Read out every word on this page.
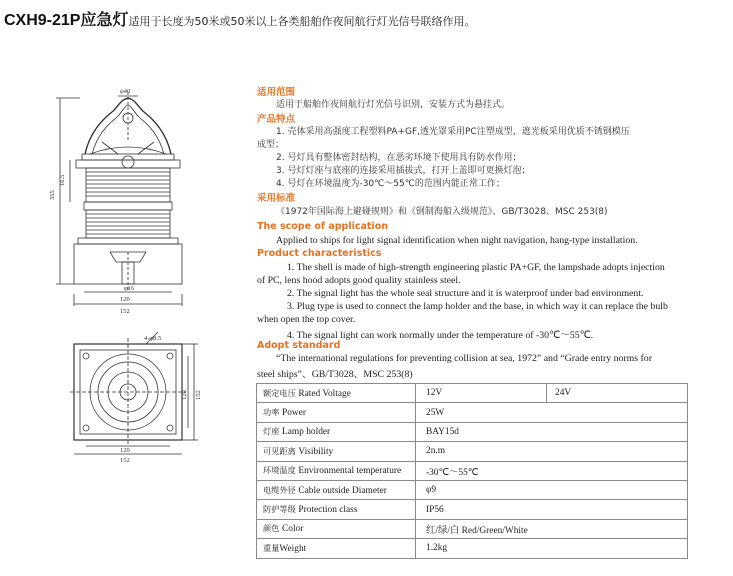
CXH9-21P应急灯适用于长度为50米或50米以上各类船舶作夜间航行灯光信号联络作用。
φ40
16.5
355
φ16
120
152
4-φ8.5
120 152
120
152
适用范围
适用于船舶作夜间航行灯光信号识别，安装方式为悬挂式。
产品特点
1. 壳体采用高强度工程塑料PA+GF,透光罩采用PC注塑成型，遮光板采用优质不锈钢模压
成型；
2. 号灯具有整体密封结构，在恶劣环境下使用具有防水作用；
3. 号灯灯座与底座的连接采用插拔式，打开上盖即可更换灯泡；
4. 号灯在环境温度为-30℃～55℃的范围内能正常工作；
采用标准
《1972年国际海上避碰规则》和《钢制海船入级规范》、GB/T3028、MSC 253(8)
The scope of application
Applied to ships for light signal identification when night navigation, hang-type installation.
Product characteristics
1. The shell is made of high-strength engineering plastic PA+GF, the lampshade adopts injection
of PC, lens hood adopts good quality stainless steel.
2. The signal light has the whole seal structure and it is waterproof under bad environment.
3. Plug type is used to connect the lamp holder and the base, in which way it can replace the bulb
when open the top cover.
4. The signal light can work normally under the temperature of -30℃～55℃.
Adopt standard
“The international regulations for preventing collision at sea, 1972” and “Grade entry norms for
steel ships”、GB/T3028、MSC 253(8)
额定电压 Rated Voltage	12V	24V
功率 Power	25W	
灯座 Lamp holder	BAY15d	
可见距离 Visibility	2n.m	
环境温度 Environmental temperature	-30℃～55℃	
电缆外径 Cable outside Diameter	φ9	
防护等级 Protection class	IP56	
颜色 Color	红/绿/白 Red/Green/White	
重量Weight	1.2kg	
